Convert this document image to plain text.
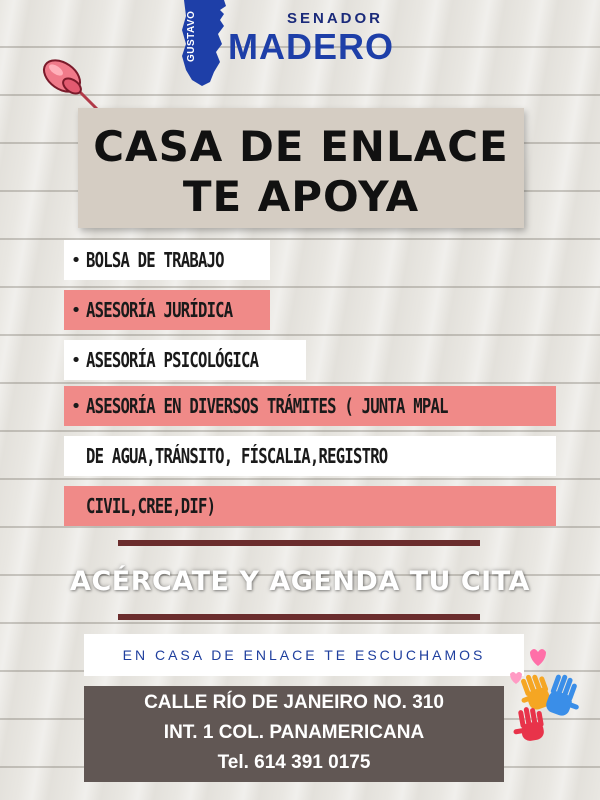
SENADOR
MADERO
GUSTAVO
CASA DE ENLACE
TE APOYA
• BOLSA DE TRABAJO
• ASESORÍA JURÍDICA
• ASESORÍA PSICOLÓGICA
• ASESORÍA EN DIVERSOS TRÁMITES ( JUNTA MPAL
DE AGUA,TRÁNSITO, FÍSCALIA,REGISTRO
CIVIL,CREE,DIF)
ACÉRCATE Y AGENDA TU CITA
EN CASA DE ENLACE TE ESCUCHAMOS
CALLE RÍO DE JANEIRO NO. 310
INT. 1 COL. PANAMERICANA
Tel. 614 391 0175
